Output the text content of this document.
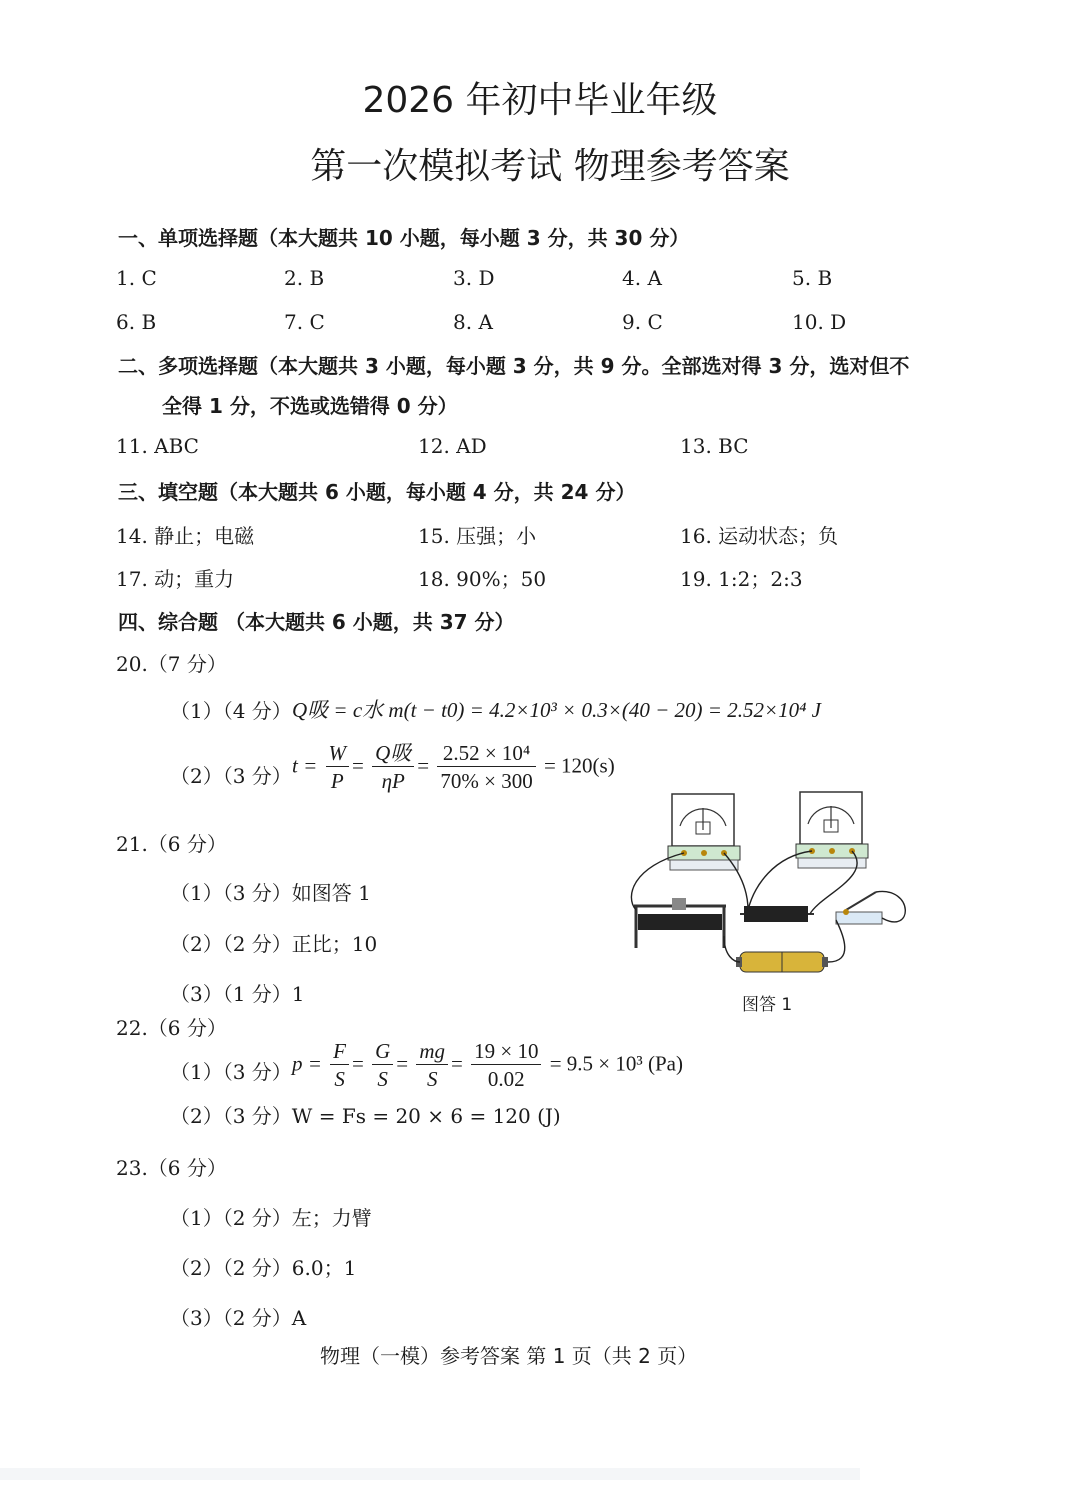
2026 年初中毕业年级
第一次模拟考试 物理参考答案
一、单项选择题（本大题共 10 小题，每小题 3 分，共 30 分）
1. C	2. B	3. D	4. A	5. B
6. B	7. C	8. A	9. C	10. D
二、多项选择题（本大题共 3 小题，每小题 3 分，共 9 分。全部选对得 3 分，选对但不
全得 1 分，不选或选错得 0 分）
11. ABC	12. AD	13. BC
三、填空题（本大题共 6 小题，每小题 4 分，共 24 分）
14. 静止；电磁	15. 压强；小	16. 运动状态；负
17. 动；重力	18. 90%；50	19. 1:2；2:3
四、综合题 （本大题共 6 小题，共 37 分）
20.（7 分）
（1）（4 分） Q吸 = c水 m(t − t0) = 4.2×10³ × 0.3×(40 − 20) = 2.52×10⁴ J
（2）（3 分） $t = \frac{W}{P} = \frac{\text{Q吸}}{\eta P} = \frac{\text{2.52 × 10⁴}}{70\% \times 300} = 120(s)$
21.（6 分）
（1）（3 分）如图答 1
（2）（2 分）正比；10
（3）（1 分）1	图答 1
22.（6 分）
（1）（3 分） $p = \frac{F}{S} = \frac{G}{S} = \frac{mg}{S} = \frac{19 \times 10}{0.02} = 9.5 \times 10^3$ (Pa)
（2）（3 分）W = Fs = 20 × 6 = 120 (J)
23.（6 分）
（1）（2 分）左；力臂
（2）（2 分）6.0；1
（3）（2 分）A
物理（一模）参考答案 第 1 页（共 2 页）
